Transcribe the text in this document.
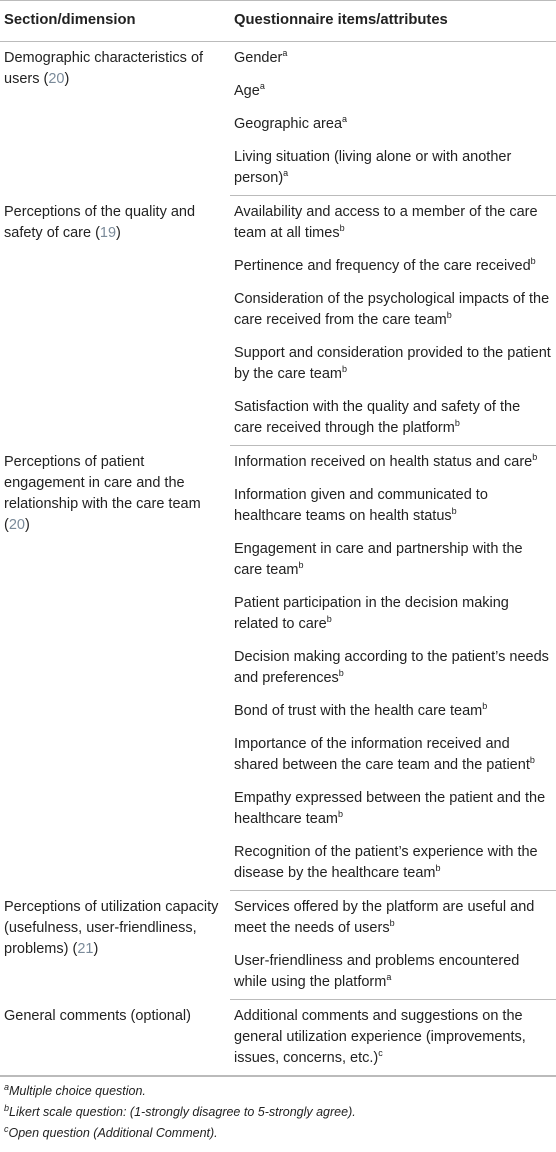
Section/dimension	Questionnaire items/attributes
Demographic characteristics of users (20)	Gender$^a$
	Age$^a$
	Geographic area$^a$
	Living situation (living alone or with another person)$^a$
Perceptions of the quality and safety of care (19)	Availability and access to a member of the care team at all times$^b$
	Pertinence and frequency of the care received$^b$
	Consideration of the psychological impacts of the care received from the care team$^b$
	Support and consideration provided to the patient by the care team$^b$
	Satisfaction with the quality and safety of the care received through the platform$^b$
Perceptions of patient engagement in care and the relationship with the care team (20)	Information received on health status and care$^b$
	Information given and communicated to healthcare teams on health status$^b$
	Engagement in care and partnership with the care team$^b$
	Patient participation in the decision making related to care$^b$
	Decision making according to the patient’s needs and preferences$^b$
	Bond of trust with the health care team$^b$
	Importance of the information received and shared between the care team and the patient$^b$
	Empathy expressed between the patient and the healthcare team$^b$
	Recognition of the patient’s experience with the disease by the healthcare team$^b$
Perceptions of utilization capacity (usefulness, user-friendliness, problems) (21)	Services offered by the platform are useful and meet the needs of users$^b$
	User-friendliness and problems encountered while using the platform$^a$
General comments (optional)	Additional comments and suggestions on the general utilization experience (improvements, issues, concerns, etc.)$^c$
$^a$Multiple choice question.
$^b$Likert scale question: (1-strongly disagree to 5-strongly agree).
$^c$Open question (Additional Comment).
